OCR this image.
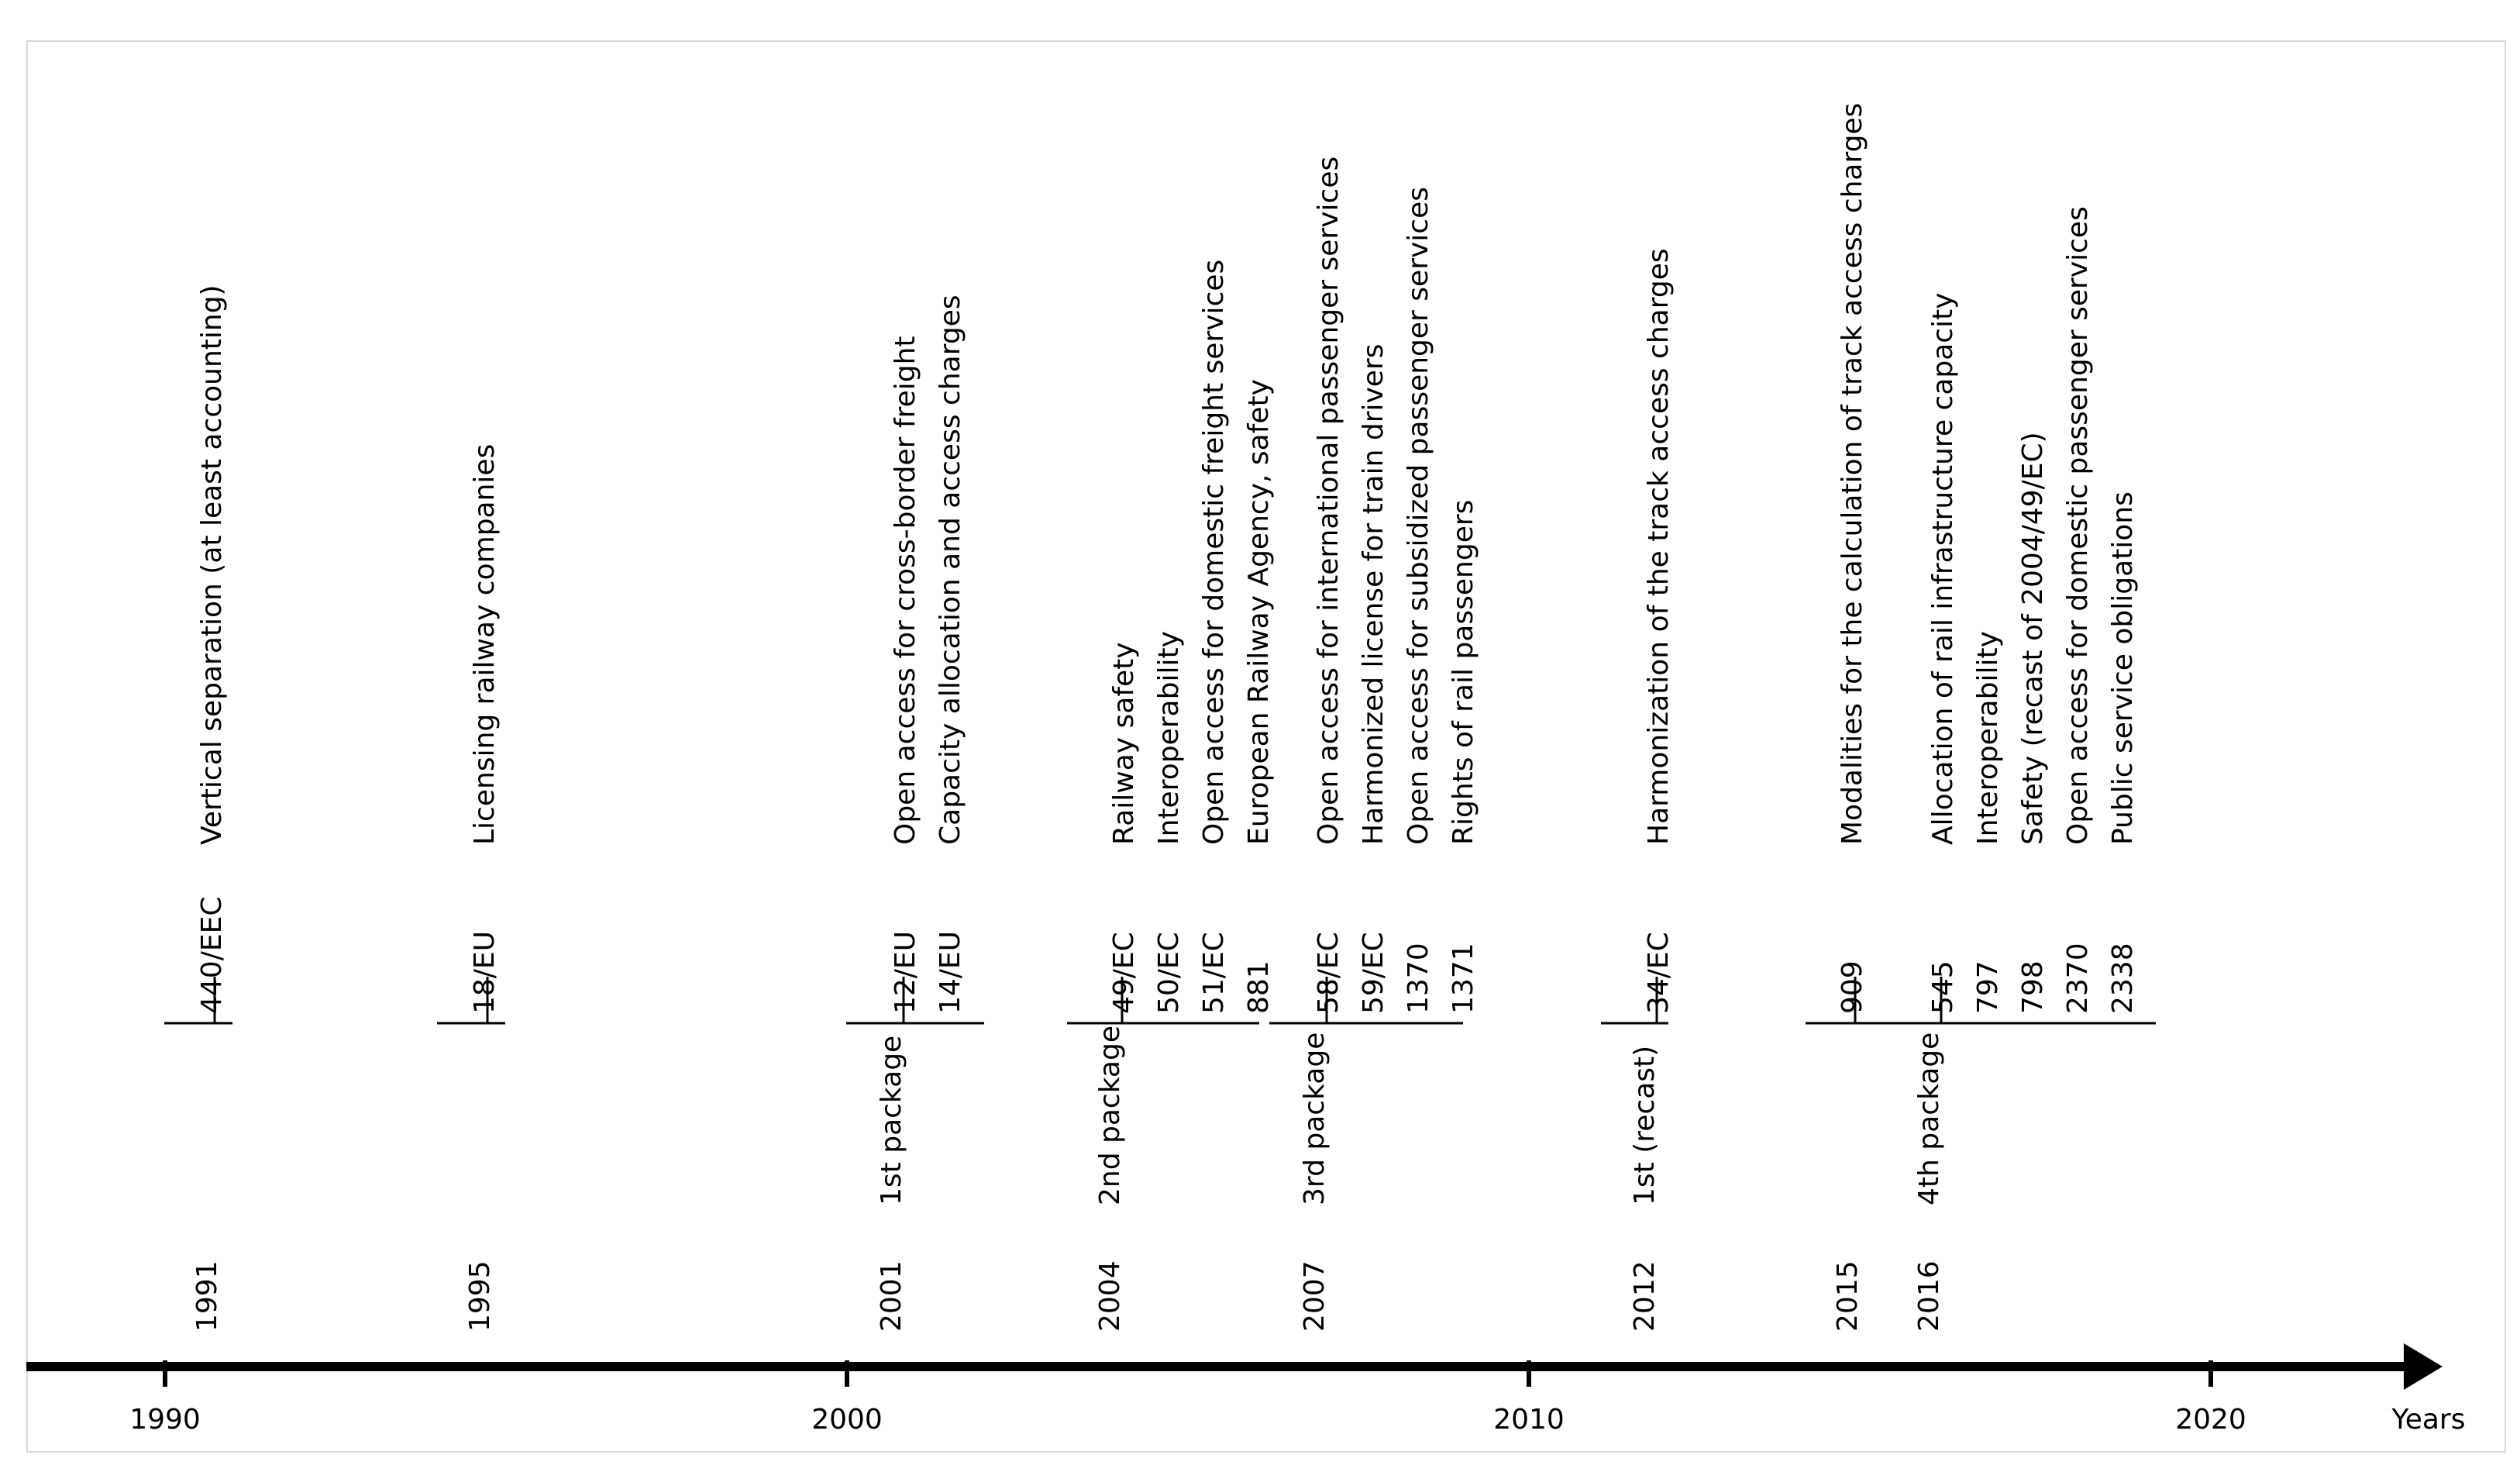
Years
1990	2000	2010	2020
1991
440/EEC
Vertical separation (at least accounting)
1995
18/EU
Licensing railway companies
2001
1st package
12/EU
Open access for cross-border freight
14/EU
Capacity allocation and access charges
2004
2nd package
49/EC
Railway safety
50/EC
Interoperability
51/EC
Open access for domestic freight services
881
European Railway Agency, safety
2007
3rd package
58/EC
Open access for international passenger services
59/EC
Harmonized license for train drivers
1370
Open access for subsidized passenger services
1371
Rights of rail passengers
2012
1st (recast)
34/EC
Harmonization of the track access charges
2015
909
Modalities for the calculation of track access charges
2016
4th package
545
Allocation of rail infrastructure capacity
797
Interoperability
798
Safety (recast of 2004/49/EC)
2370
Open access for domestic passenger services
2338
Public service obligations
